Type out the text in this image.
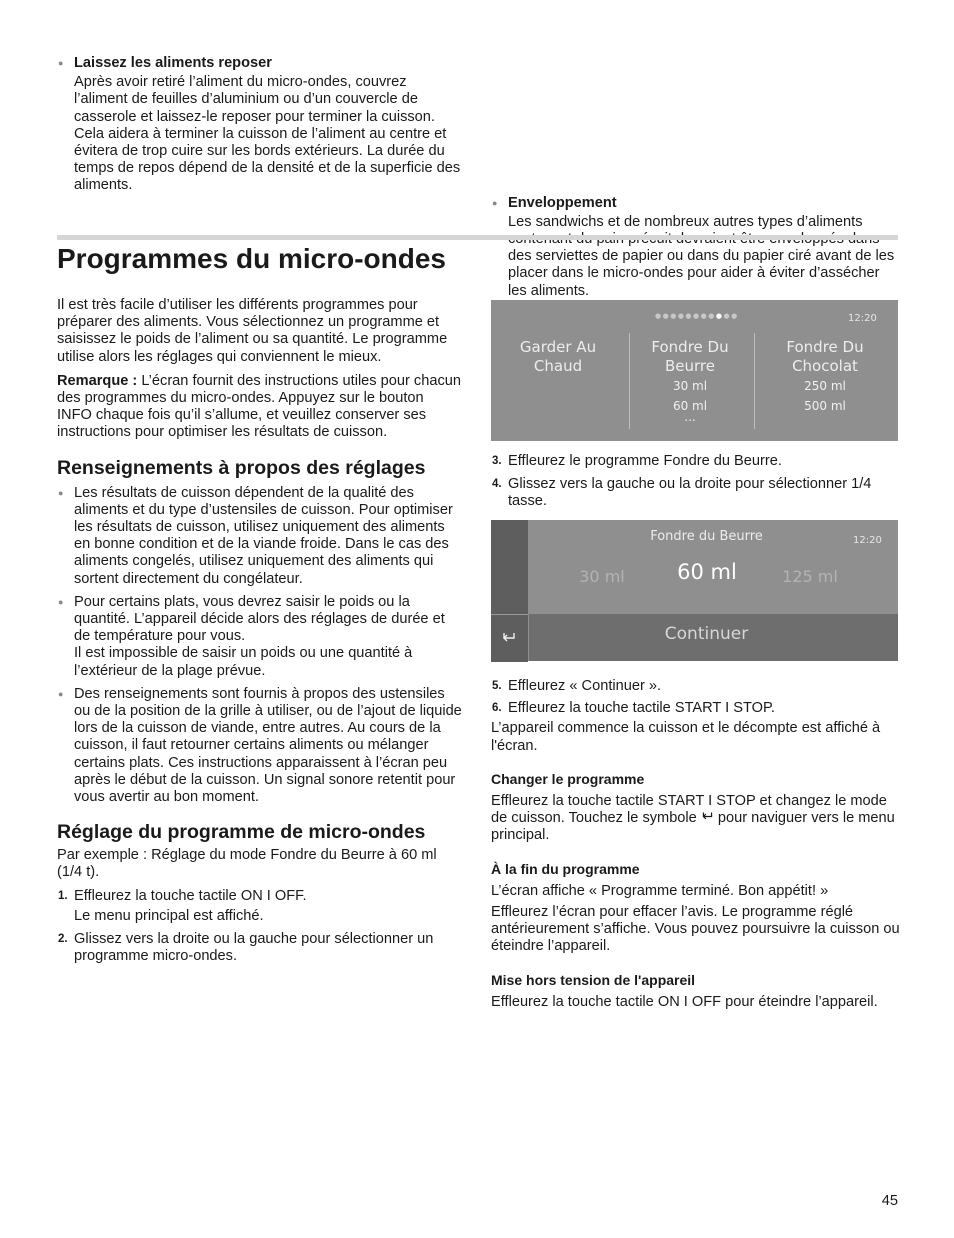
● Laissez les aliments reposer

Après avoir retiré l’aliment du micro-ondes, couvrez l’aliment de feuilles d’aluminium ou d’un couvercle de casserole et laissez-le reposer pour terminer la cuisson. Cela aidera à terminer la cuisson de l’aliment au centre et évitera de trop cuire sur les bords extérieurs. La durée du temps de repos dépend de la densité et de la superficie des aliments.

● Enveloppement

Les sandwichs et de nombreux autres types d’aliments des serviettes de papier ou dans du papier ciré avant de les placer dans le micro-ondes pour aider à éviter d’assécher les aliments.

Programmes du micro-ondes

Il est très facile d’utiliser les différents programmes pour préparer des aliments. Vous sélectionnez un programme et saisissez le poids de l’aliment ou sa quantité. Le programme utilise alors les réglages qui conviennent le mieux.

Remarque : L’écran fournit des instructions utiles pour chacun des programmes du micro-ondes. Appuyez sur le bouton INFO chaque fois qu’il s’allume, et veuillez conserver ses instructions pour optimiser les résultats de cuisson.

Renseignements à propos des réglages

● Les résultats de cuisson dépendent de la qualité des aliments et du type d’ustensiles de cuisson. Pour optimiser les résultats de cuisson, utilisez uniquement des aliments en bonne condition et de la viande froide. Dans le cas des aliments congelés, utilisez uniquement des aliments qui sortent directement du congélateur.

● Pour certains plats, vous devrez saisir le poids ou la quantité. L’appareil décide alors des réglages de durée et de température pour vous.

Il est impossible de saisir un poids ou une quantité à l’extérieur de la plage prévue.

● Des renseignements sont fournis à propos des ustensiles ou de la position de la grille à utiliser, ou de l’ajout de liquide lors de la cuisson de viande, entre autres. Au cours de la cuisson, il faut retourner certains aliments ou mélanger certains plats. Ces instructions apparaissent à l’écran peu après le début de la cuisson. Un signal sonore retentit pour vous avertir au bon moment.

Réglage du programme de micro-ondes

Par exemple : Réglage du mode Fondre du Beurre à 60 ml (1/4 t).

1. Effleurez la touche tactile ON I OFF.

Le menu principal est affiché.

2. Glissez vers la droite ou la gauche pour sélectionner un programme micro-ondes.

●●●●●●●●●●●	12:20
Garder Au Chaud
Fondre Du
Beurre
30 ml
60 ml
...
Fondre Du
Chocolat
250 ml
500 ml
3. Effleurez le programme Fondre du Beurre.

4. Glissez vers la gauche ou la droite pour sélectionner 1/4 tasse.

Fondre du Beurre	12:20
30 ml	60 ml	125 ml
Continuer
5. Effleurez « Continuer ».

6. Effleurez la touche tactile START I STOP.

L’appareil commence la cuisson et le décompte est affiché à l'écran.

Changer le programme

Effleurez la touche tactile START I STOP et changez le mode de cuisson. Touchez le symbole  pour naviguer vers le menu principal.

À la fin du programme

L’écran affiche « Programme terminé. Bon appétit! »

Effleurez l’écran pour effacer l’avis. Le programme réglé antérieurement s’affiche. Vous pouvez poursuivre la cuisson ou éteindre l’appareil.

Mise hors tension de l'appareil

Effleurez la touche tactile ON I OFF pour éteindre l’appareil.

45
